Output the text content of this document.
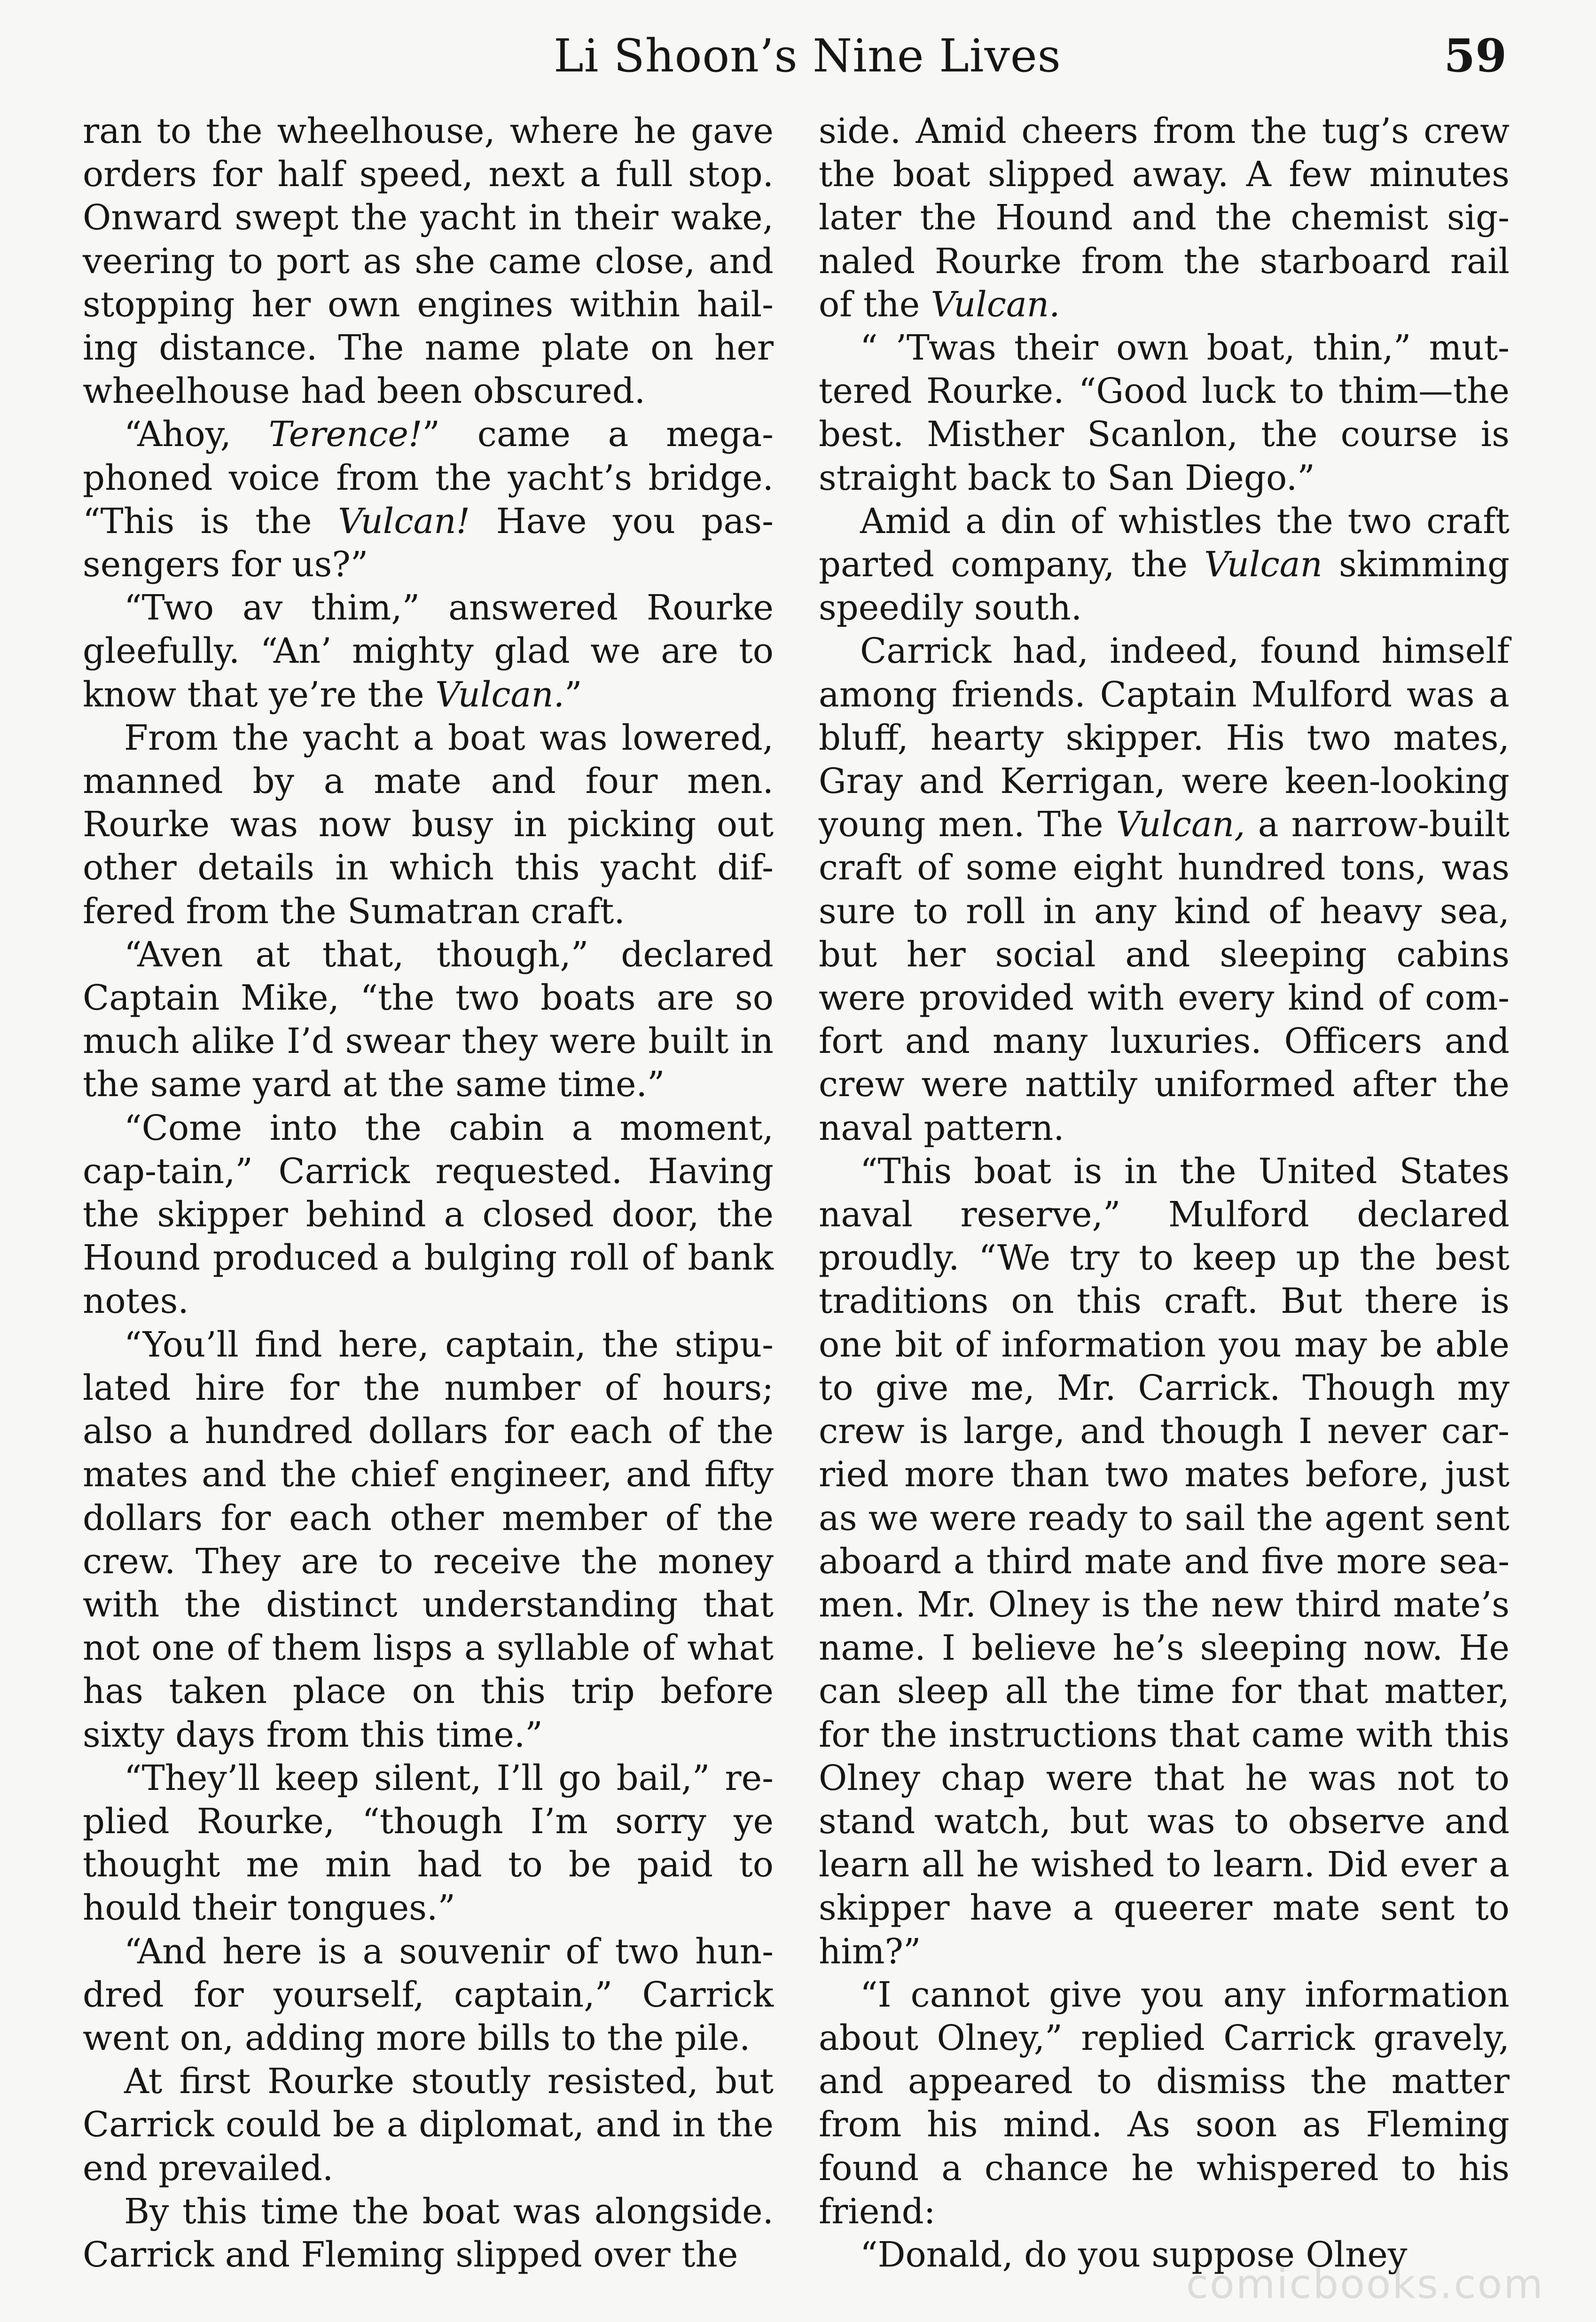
Li Shoon’s Nine Lives	59

ran to the wheelhouse, where he gave orders for half speed, next a full stop. Onward swept the yacht in their wake, veering to port as she came close, and stopping her own engines within hail-ing distance. The name plate on her wheelhouse had been obscured.

“Ahoy, Terence!” came a mega-phoned voice from the yacht’s bridge. “This is the Vulcan! Have you pas-sengers for us?”

“Two av thim,” answered Rourke gleefully. “An’ mighty glad we are to know that ye’re the Vulcan.”

From the yacht a boat was lowered, manned by a mate and four men. Rourke was now busy in picking out other details in which this yacht dif-fered from the Sumatran craft.

“Aven at that, though,” declared Captain Mike, “the two boats are so much alike I’d swear they were built in the same yard at the same time.”

“Come into the cabin a moment, cap-tain,” Carrick requested. Having the skipper behind a closed door, the Hound produced a bulging roll of bank notes.

“You’ll find here, captain, the stipu-lated hire for the number of hours; also a hundred dollars for each of the mates and the chief engineer, and fifty dollars for each other member of the crew. They are to receive the money with the distinct understanding that not one of them lisps a syllable of what has taken place on this trip before sixty days from this time.”

“They’ll keep silent, I’ll go bail,” re-plied Rourke, “though I’m sorry ye thought me min had to be paid to hould their tongues.”

“And here is a souvenir of two hun-dred for yourself, captain,” Carrick went on, adding more bills to the pile.

At first Rourke stoutly resisted, but Carrick could be a diplomat, and in the end prevailed.

By this time the boat was alongside. Carrick and Fleming slipped over the

side. Amid cheers from the tug’s crew the boat slipped away. A few minutes later the Hound and the chemist sig-naled Rourke from the starboard rail of the Vulcan.

“ ’Twas their own boat, thin,” mut-tered Rourke. “Good luck to thim—the best. Misther Scanlon, the course is straight back to San Diego.”

Amid a din of whistles the two craft parted company, the Vulcan skimming speedily south.

Carrick had, indeed, found himself among friends. Captain Mulford was a bluff, hearty skipper. His two mates, Gray and Kerrigan, were keen-looking young men. The Vulcan, a narrow-built craft of some eight hundred tons, was sure to roll in any kind of heavy sea, but her social and sleeping cabins were provided with every kind of com-fort and many luxuries. Officers and crew were nattily uniformed after the naval pattern.

“This boat is in the United States naval reserve,” Mulford declared proudly. “We try to keep up the best traditions on this craft. But there is one bit of information you may be able to give me, Mr. Carrick. Though my crew is large, and though I never car-ried more than two mates before, just as we were ready to sail the agent sent aboard a third mate and five more sea-men. Mr. Olney is the new third mate’s name. I believe he’s sleeping now. He can sleep all the time for that matter, for the instructions that came with this Olney chap were that he was not to stand watch, but was to observe and learn all he wished to learn. Did ever a skipper have a queerer mate sent to him?”

“I cannot give you any information about Olney,” replied Carrick gravely, and appeared to dismiss the matter from his mind. As soon as Fleming found a chance he whispered to his friend:

“Donald, do you suppose Olney

comicbooks.com
